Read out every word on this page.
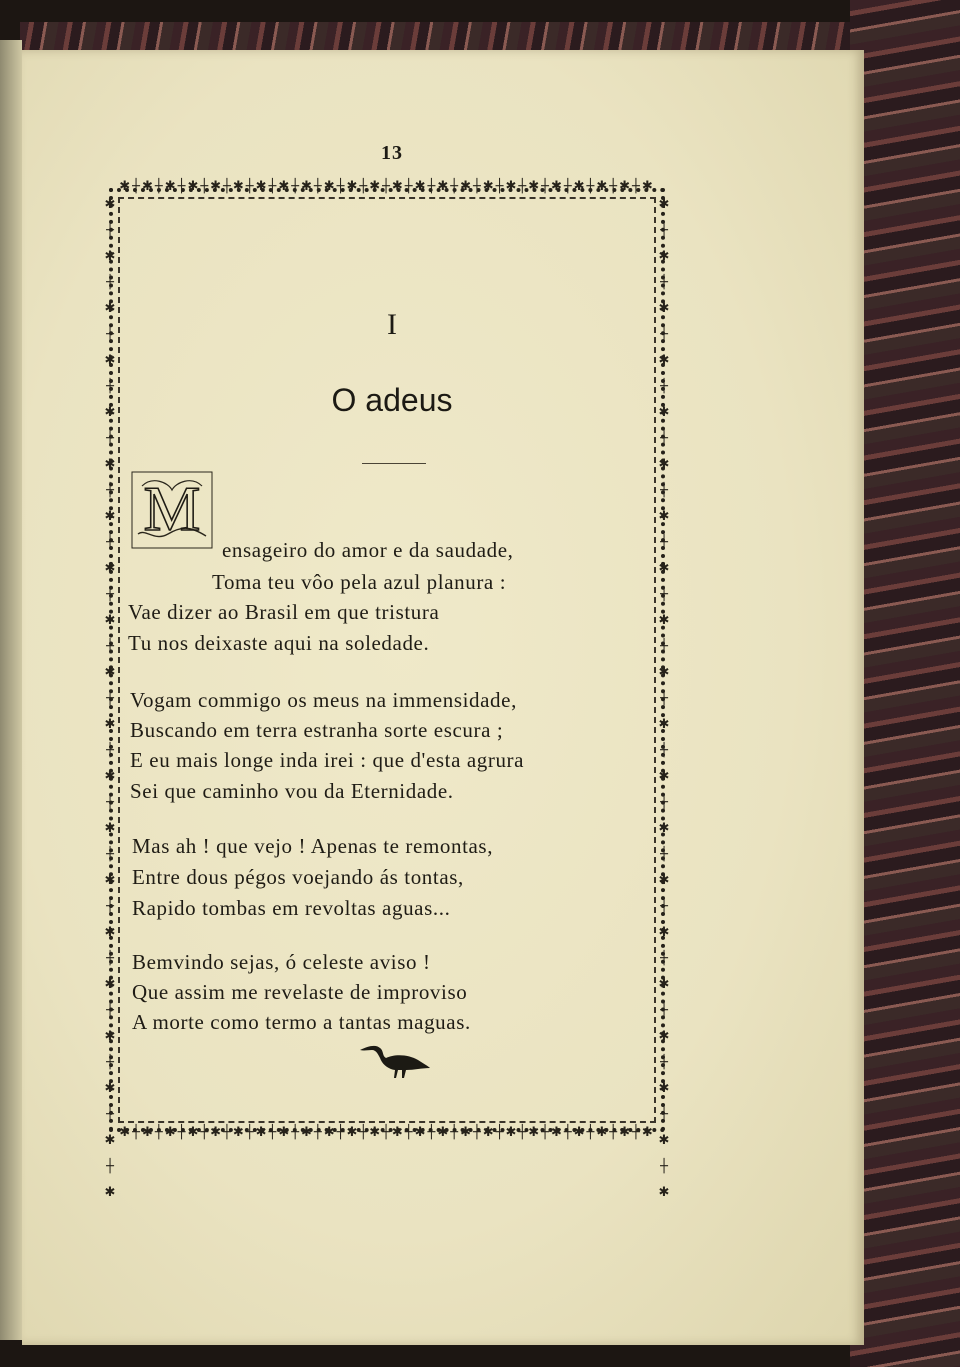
13
✱┼✱┼✱┼✱┼✱┼✱┼✱┼✱┼✱┼✱┼✱┼✱┼✱┼✱┼✱┼✱┼✱┼✱┼✱┼✱┼✱┼✱┼✱┼✱
✱┼✱┼✱┼✱┼✱┼✱┼✱┼✱┼✱┼✱┼✱┼✱┼✱┼✱┼✱┼✱┼✱┼✱┼✱┼✱┼✱┼✱┼✱┼✱
✱
┼
✱
┼
✱
┼
✱
┼
✱
┼
✱
┼
✱
┼
✱
┼
✱
┼
✱
┼
✱
┼
✱
┼
✱
┼
✱
┼
✱
┼
✱
┼
✱
┼
✱
┼
✱
┼
✱
✱
┼
✱
┼
✱
┼
✱
┼
✱
┼
✱
┼
✱
┼
✱
┼
✱
┼
✱
┼
✱
┼
✱
┼
✱
┼
✱
┼
✱
┼
✱
┼
✱
┼
✱
┼
✱
┼
✱
I
O adeus
M
ensageiro do amor e da saudade,
Toma teu vôo pela azul planura :
Vae dizer ao Brasil em que tristura
Tu nos deixaste aqui na soledade.
Vogam commigo os meus na immensidade,
Buscando em terra estranha sorte escura ;
E eu mais longe inda irei : que d'esta agrura
Sei que caminho vou da Eternidade.
Mas ah ! que vejo ! Apenas te remontas,
Entre dous pégos voejando ás tontas,
Rapido tombas em revoltas aguas...
Bemvindo sejas, ó celeste aviso !
Que assim me revelaste de improviso
A morte como termo a tantas maguas.
